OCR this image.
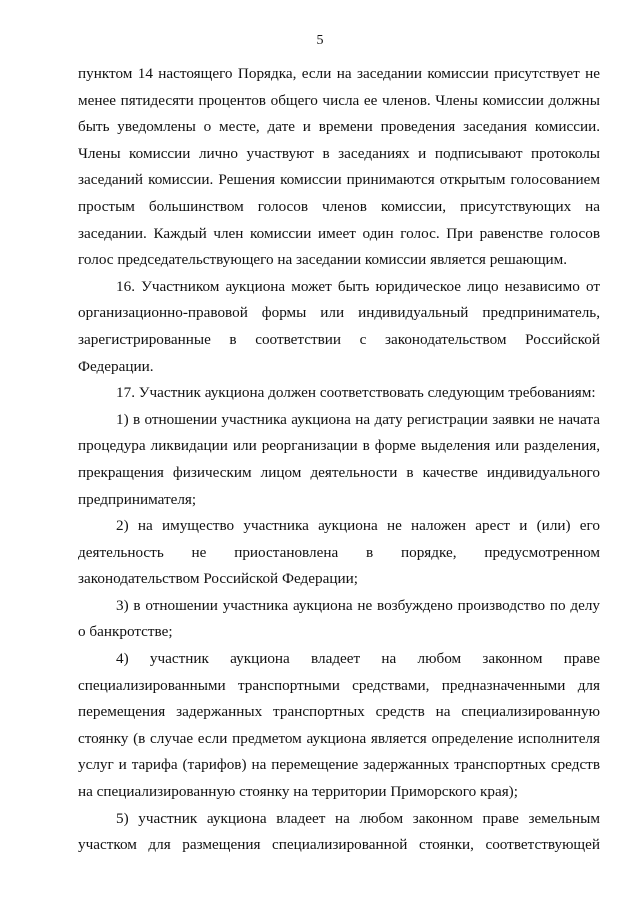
5
пунктом 14 настоящего Порядка, если на заседании комиссии присутствует не
менее пятидесяти процентов общего числа ее членов. Члены комиссии должны
быть уведомлены о месте, дате и времени проведения заседания комиссии.
Члены комиссии лично участвуют в заседаниях и подписывают протоколы
заседаний комиссии. Решения комиссии принимаются открытым голосованием
простым большинством голосов членов комиссии, присутствующих на
заседании. Каждый член комиссии имеет один голос. При равенстве голосов
голос председательствующего на заседании комиссии является решающим.
16. Участником аукциона может быть юридическое лицо независимо от
организационно-правовой формы или индивидуальный предприниматель,
зарегистрированные в соответствии с законодательством Российской
Федерации.
17. Участник аукциона должен соответствовать следующим требованиям:
1) в отношении участника аукциона на дату регистрации заявки не начата
процедура ликвидации или реорганизации в форме выделения или разделения,
прекращения физическим лицом деятельности в качестве индивидуального
предпринимателя;
2) на имущество участника аукциона не наложен арест и (или) его
деятельность не приостановлена в порядке, предусмотренном
законодательством Российской Федерации;
3) в отношении участника аукциона не возбуждено производство по делу
о банкротстве;
4) участник аукциона владеет на любом законном праве
специализированными транспортными средствами, предназначенными для
перемещения задержанных транспортных средств на специализированную
стоянку (в случае если предметом аукциона является определение исполнителя
услуг и тарифа (тарифов) на перемещение задержанных транспортных средств
на специализированную стоянку на территории Приморского края);
5) участник аукциона владеет на любом законном праве земельным
участком для размещения специализированной стоянки, соответствующей
